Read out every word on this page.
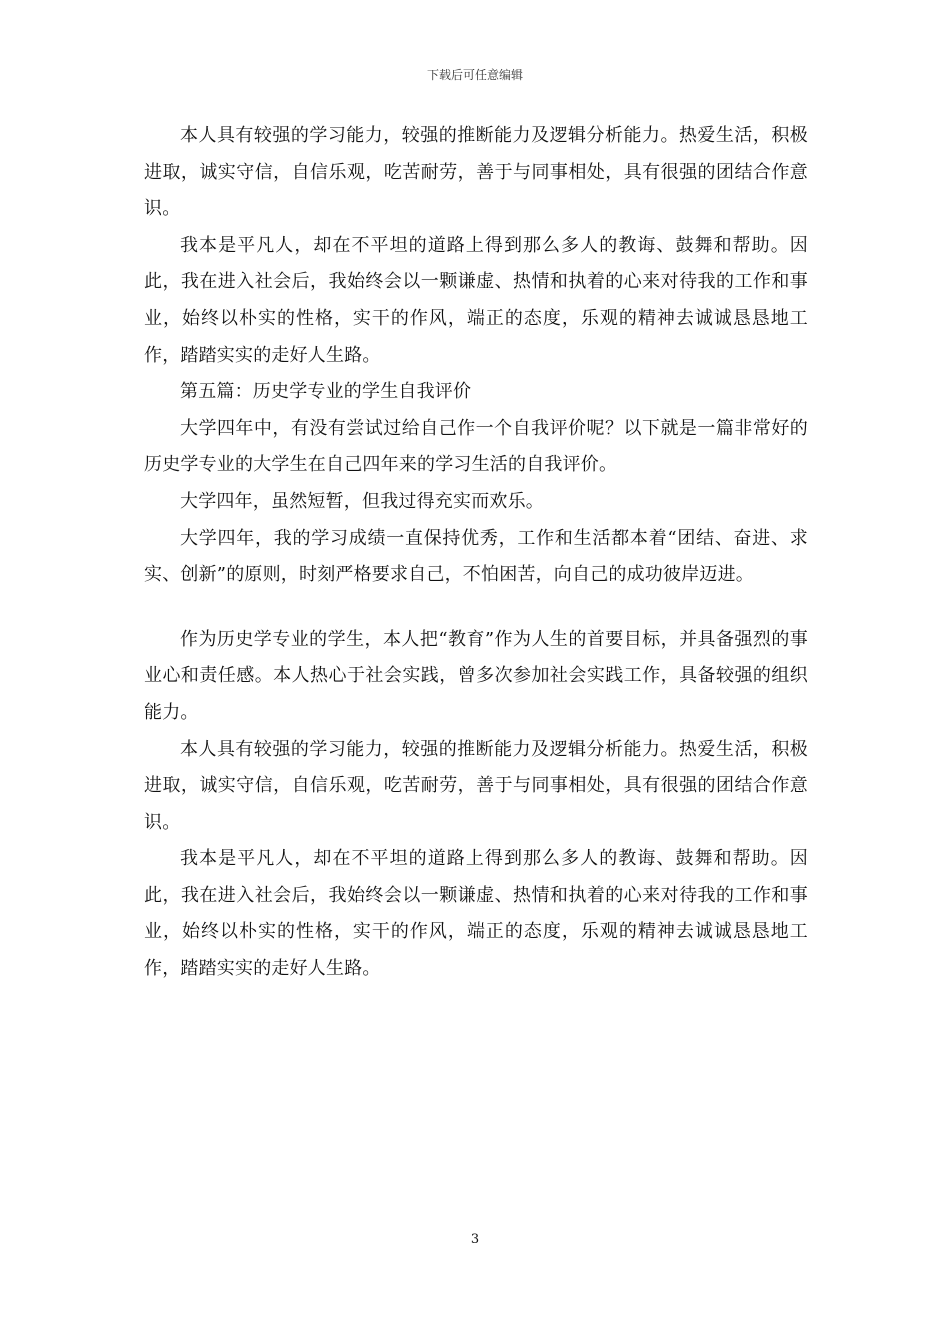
下载后可任意编辑

本人具有较强的学习能力，较强的推断能力及逻辑分析能力。热爱生活，积极进取，诚实守信，自信乐观，吃苦耐劳，善于与同事相处，具有很强的团结合作意识。

我本是平凡人，却在不平坦的道路上得到那么多人的教诲、鼓舞和帮助。因此，我在进入社会后，我始终会以一颗谦虚、热情和执着的心来对待我的工作和事业，始终以朴实的性格，实干的作风，端正的态度，乐观的精神去诚诚恳恳地工作，踏踏实实的走好人生路。

第五篇：历史学专业的学生自我评价

大学四年中，有没有尝试过给自己作一个自我评价呢？以下就是一篇非常好的历史学专业的大学生在自己四年来的学习生活的自我评价。

大学四年，虽然短暂，但我过得充实而欢乐。

大学四年，我的学习成绩一直保持优秀，工作和生活都本着“团结、奋进、求实、创新”的原则，时刻严格要求自己，不怕困苦，向自己的成功彼岸迈进。

作为历史学专业的学生，本人把“教育”作为人生的首要目标，并具备强烈的事业心和责任感。本人热心于社会实践，曾多次参加社会实践工作，具备较强的组织能力。

本人具有较强的学习能力，较强的推断能力及逻辑分析能力。热爱生活，积极进取，诚实守信，自信乐观，吃苦耐劳，善于与同事相处，具有很强的团结合作意识。

我本是平凡人，却在不平坦的道路上得到那么多人的教诲、鼓舞和帮助。因此，我在进入社会后，我始终会以一颗谦虚、热情和执着的心来对待我的工作和事业，始终以朴实的性格，实干的作风，端正的态度，乐观的精神去诚诚恳恳地工作，踏踏实实的走好人生路。

3
